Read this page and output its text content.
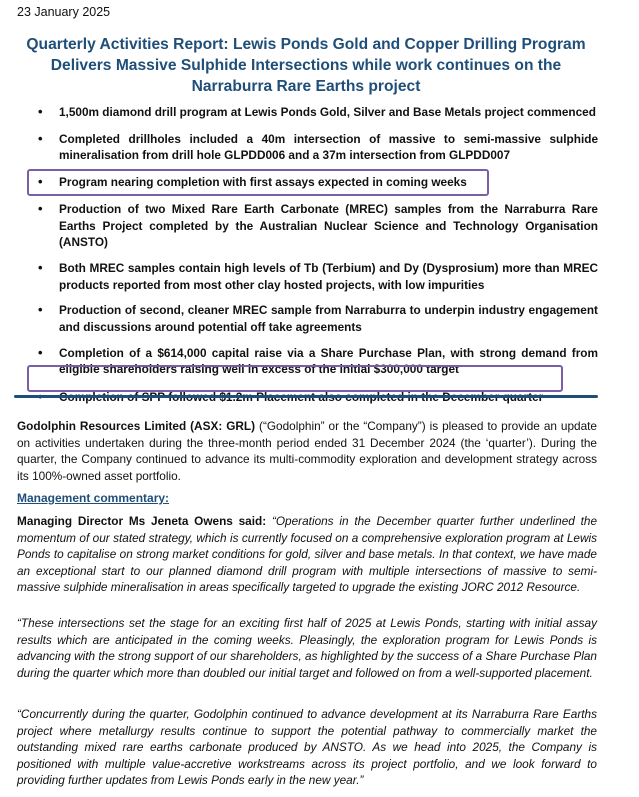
23 January 2025
Quarterly Activities Report: Lewis Ponds Gold and Copper Drilling Program
Delivers Massive Sulphide Intersections while work continues on the
Narraburra Rare Earths project
• 1,500m diamond drill program at Lewis Ponds Gold, Silver and Base Metals project commenced
• Completed drillholes included a 40m intersection of massive to semi-massive sulphide mineralisation from drill hole GLPDD006 and a 37m intersection from GLPDD007
• Program nearing completion with first assays expected in coming weeks
• Production of two Mixed Rare Earth Carbonate (MREC) samples from the Narraburra Rare Earths Project completed by the Australian Nuclear Science and Technology Organisation (ANSTO)
• Both MREC samples contain high levels of Tb (Terbium) and Dy (Dysprosium) more than MREC products reported from most other clay hosted projects, with low impurities
• Production of second, cleaner MREC sample from Narraburra to underpin industry engagement and discussions around potential off take agreements
• Completion of a $614,000 capital raise via a Share Purchase Plan, with strong demand from eligible shareholders raising well in excess of the initial $300,000 target
•
Godolphin Resources Limited (ASX: GRL) (“Godolphin” or the “Company”) is pleased to provide an update on activities undertaken during the three-month period ended 31 December 2024 (the ‘quarter’). During the quarter, the Company continued to advance its multi-commodity exploration and development strategy across its 100%-owned asset portfolio.
Management commentary:
Managing Director Ms Jeneta Owens said: “Operations in the December quarter further underlined the momentum of our stated strategy, which is currently focused on a comprehensive exploration program at Lewis Ponds to capitalise on strong market conditions for gold, silver and base metals. In that context, we have made an exceptional start to our planned diamond drill program with multiple intersections of massive to semi-massive sulphide mineralisation in areas specifically targeted to upgrade the existing JORC 2012 Resource.
“These intersections set the stage for an exciting first half of 2025 at Lewis Ponds, starting with initial assay results which are anticipated in the coming weeks. Pleasingly, the exploration program for Lewis Ponds is advancing with the strong support of our shareholders, as highlighted by the success of a Share Purchase Plan during the quarter which more than doubled our initial target and followed on from a well-supported placement.
“Concurrently during the quarter, Godolphin continued to advance development at its Narraburra Rare Earths project where metallurgy results continue to support the potential pathway to commercially market the outstanding mixed rare earths carbonate produced by ANSTO. As we head into 2025, the Company is positioned with multiple value-accretive workstreams across its project portfolio, and we look forward to providing further updates from Lewis Ponds early in the new year.”
